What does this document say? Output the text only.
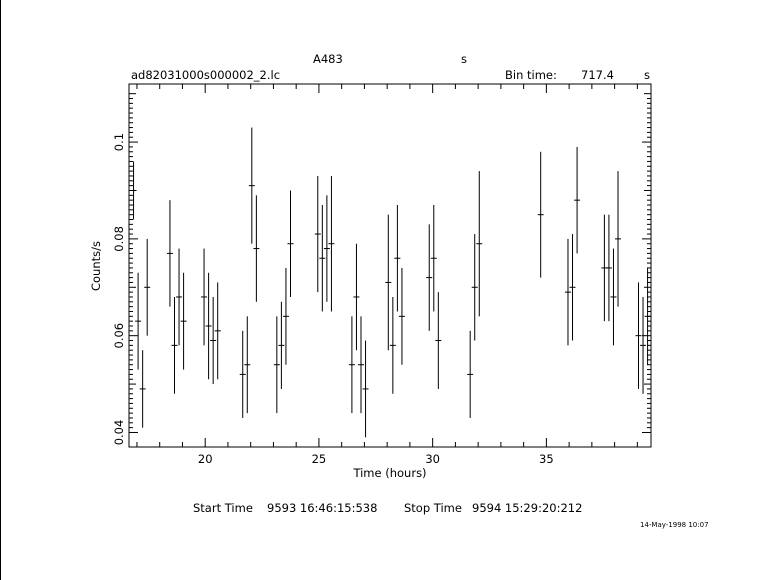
A483	s
ad82031000s000002_2.lc	Bin time: 717.4	s
20	25	30	35
0.04
0.06
0.08
0.1
Time (hours)
Counts/s
Start Time 9593 16:46:15:538 Stop Time 9594 15:29:20:212
14-May-1998 10:07
